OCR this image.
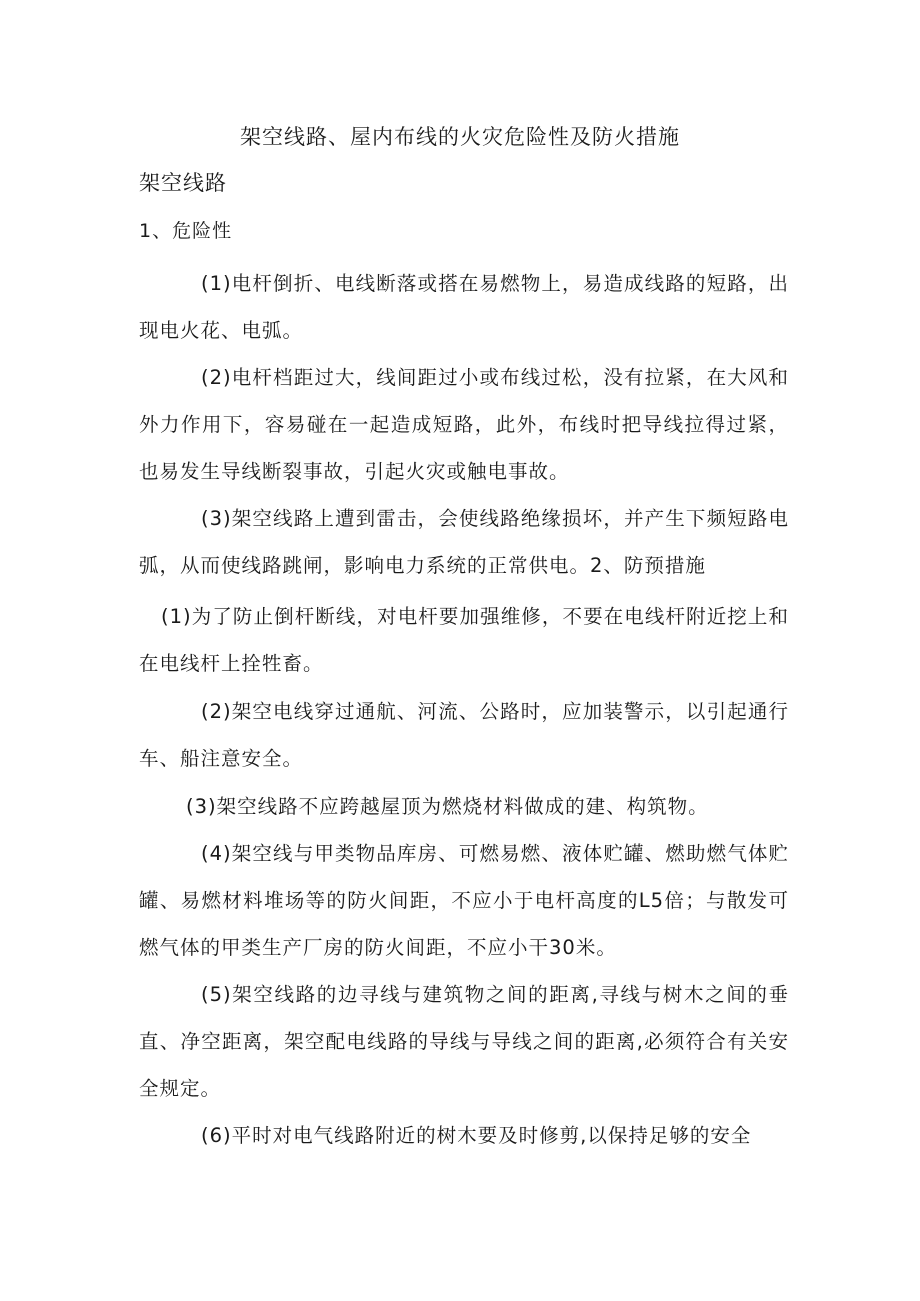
架空线路、屋内布线的火灾危险性及防火措施
架空线路
1、危险性

(1)电杆倒折、电线断落或搭在易燃物上，易造成线路的短路，出现电火花、电弧。

(2)电杆档距过大，线间距过小或布线过松，没有拉紧，在大风和外力作用下，容易碰在一起造成短路，此外，布线时把导线拉得过紧，也易发生导线断裂事故，引起火灾或触电事故。

(3)架空线路上遭到雷击，会使线路绝缘损坏，并产生下频短路电弧，从而使线路跳闸，影响电力系统的正常供电。2、防预措施

(1)为了防止倒杆断线，对电杆要加强维修，不要在电线杆附近挖上和在电线杆上拴牲畜。

(2)架空电线穿过通航、河流、公路时，应加装警示，以引起通行车、船注意安全。

(3)架空线路不应跨越屋顶为燃烧材料做成的建、构筑物。

(4)架空线与甲类物品库房、可燃易燃、液体贮罐、燃助燃气体贮罐、易燃材料堆场等的防火间距，不应小于电杆高度的L5倍；与散发可燃气体的甲类生产厂房的防火间距，不应小干30米。

(5)架空线路的边寻线与建筑物之间的距离,寻线与树木之间的垂直、净空距离，架空配电线路的导线与导线之间的距离,必须符合有关安全规定。

(6)平时对电气线路附近的树木要及时修剪,以保持足够的安全
